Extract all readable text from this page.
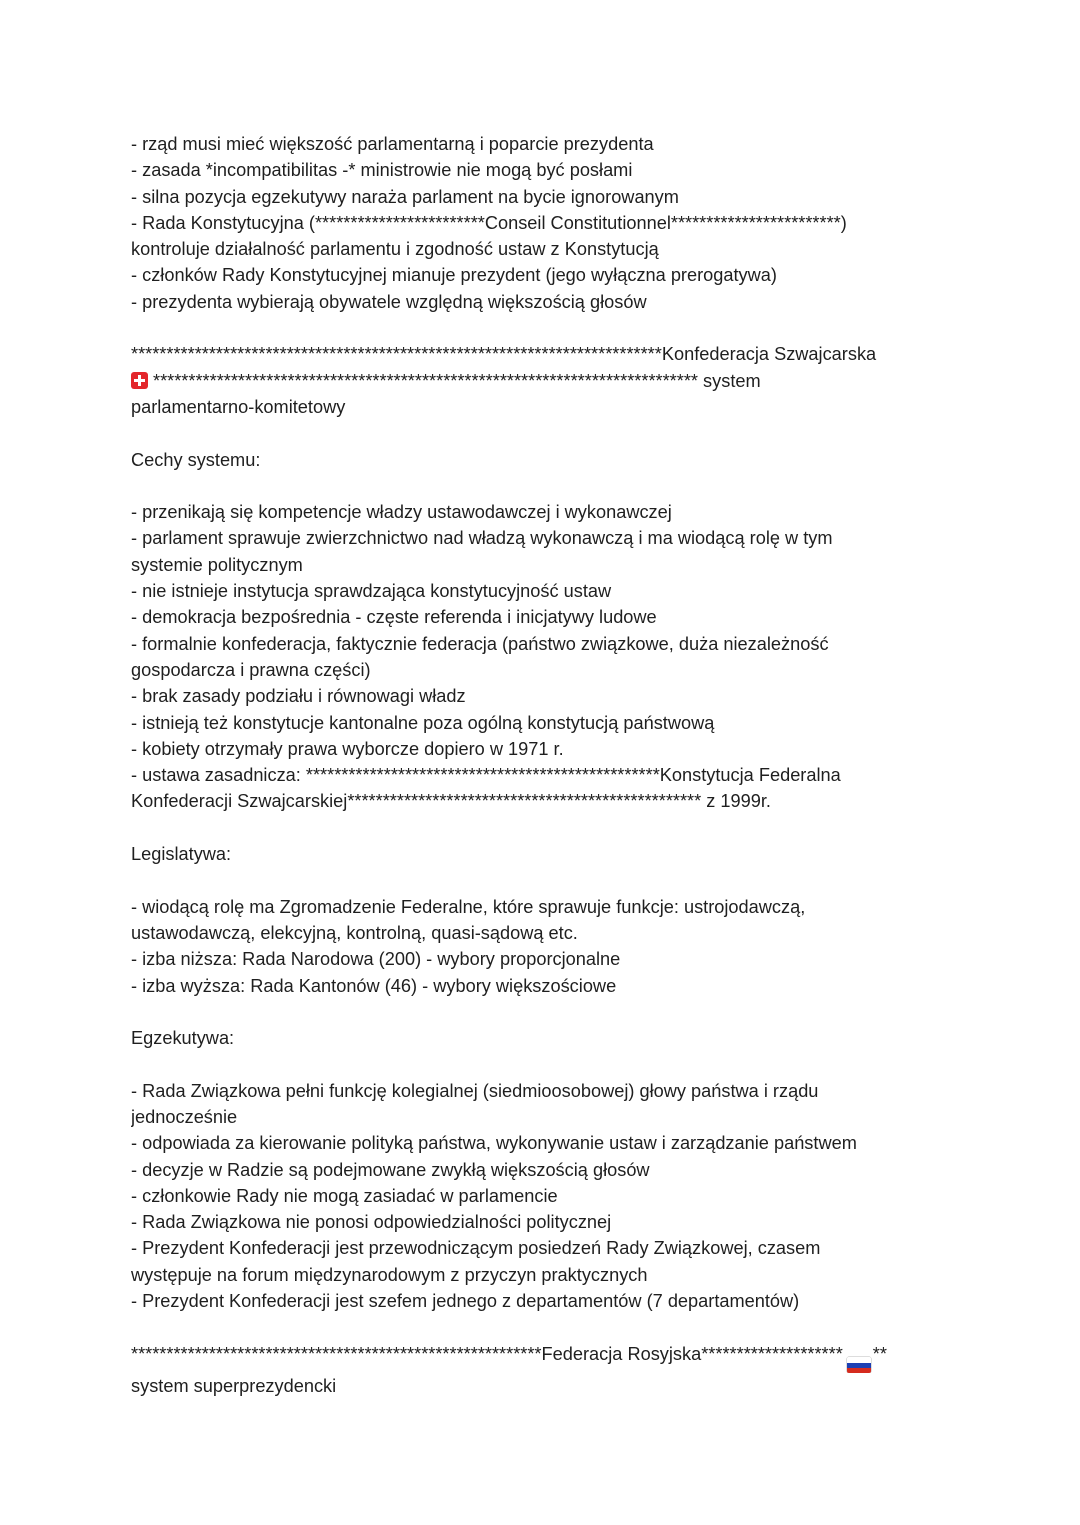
- rząd musi mieć większość parlamentarną i poparcie prezydenta
- zasada *incompatibilitas -* ministrowie nie mogą być posłami
- silna pozycja egzekutywy naraża parlament na bycie ignorowanym
- Rada Konstytucyjna (************************Conseil Constitutionnel************************)
kontroluje działalność parlamentu i zgodność ustaw z Konstytucją
- członków Rady Konstytucyjnej mianuje prezydent (jego wyłączna prerogatywa)
- prezydenta wybierają obywatele względną większością głosów
***************************************************************************Konfederacja Szwajcarska
***************************************************************************** system
parlamentarno-komitetowy
Cechy systemu:
- przenikają się kompetencje władzy ustawodawczej i wykonawczej
- parlament sprawuje zwierzchnictwo nad władzą wykonawczą i ma wiodącą rolę w tym
systemie politycznym
- nie istnieje instytucja sprawdzająca konstytucyjność ustaw
- demokracja bezpośrednia - częste referenda i inicjatywy ludowe
- formalnie konfederacja, faktycznie federacja (państwo związkowe, duża niezależność
gospodarcza i prawna części)
- brak zasady podziału i równowagi władz
- istnieją też konstytucje kantonalne poza ogólną konstytucją państwową
- kobiety otrzymały prawa wyborcze dopiero w 1971 r.
- ustawa zasadnicza: **************************************************Konstytucja Federalna
Konfederacji Szwajcarskiej************************************************** z 1999r.
Legislatywa:
- wiodącą rolę ma Zgromadzenie Federalne, które sprawuje funkcje: ustrojodawczą,
ustawodawczą, elekcyjną, kontrolną, quasi-sądową etc.
- izba niższa: Rada Narodowa (200) - wybory proporcjonalne
- izba wyższa: Rada Kantonów (46) - wybory większościowe
Egzekutywa:
- Rada Związkowa pełni funkcję kolegialnej (siedmioosobowej) głowy państwa i rządu
jednocześnie
- odpowiada za kierowanie polityką państwa, wykonywanie ustaw i zarządzanie państwem
- decyzje w Radzie są podejmowane zwykłą większością głosów
- członkowie Rady nie mogą zasiadać w parlamencie
- Rada Związkowa nie ponosi odpowiedzialności politycznej
- Prezydent Konfederacji jest przewodniczącym posiedzeń Rady Związkowej, czasem
występuje na forum międzynarodowym z przyczyn praktycznych
- Prezydent Konfederacji jest szefem jednego z departamentów (7 departamentów)
**********************************************************Federacja Rosyjska******************** **
system superprezydencki
